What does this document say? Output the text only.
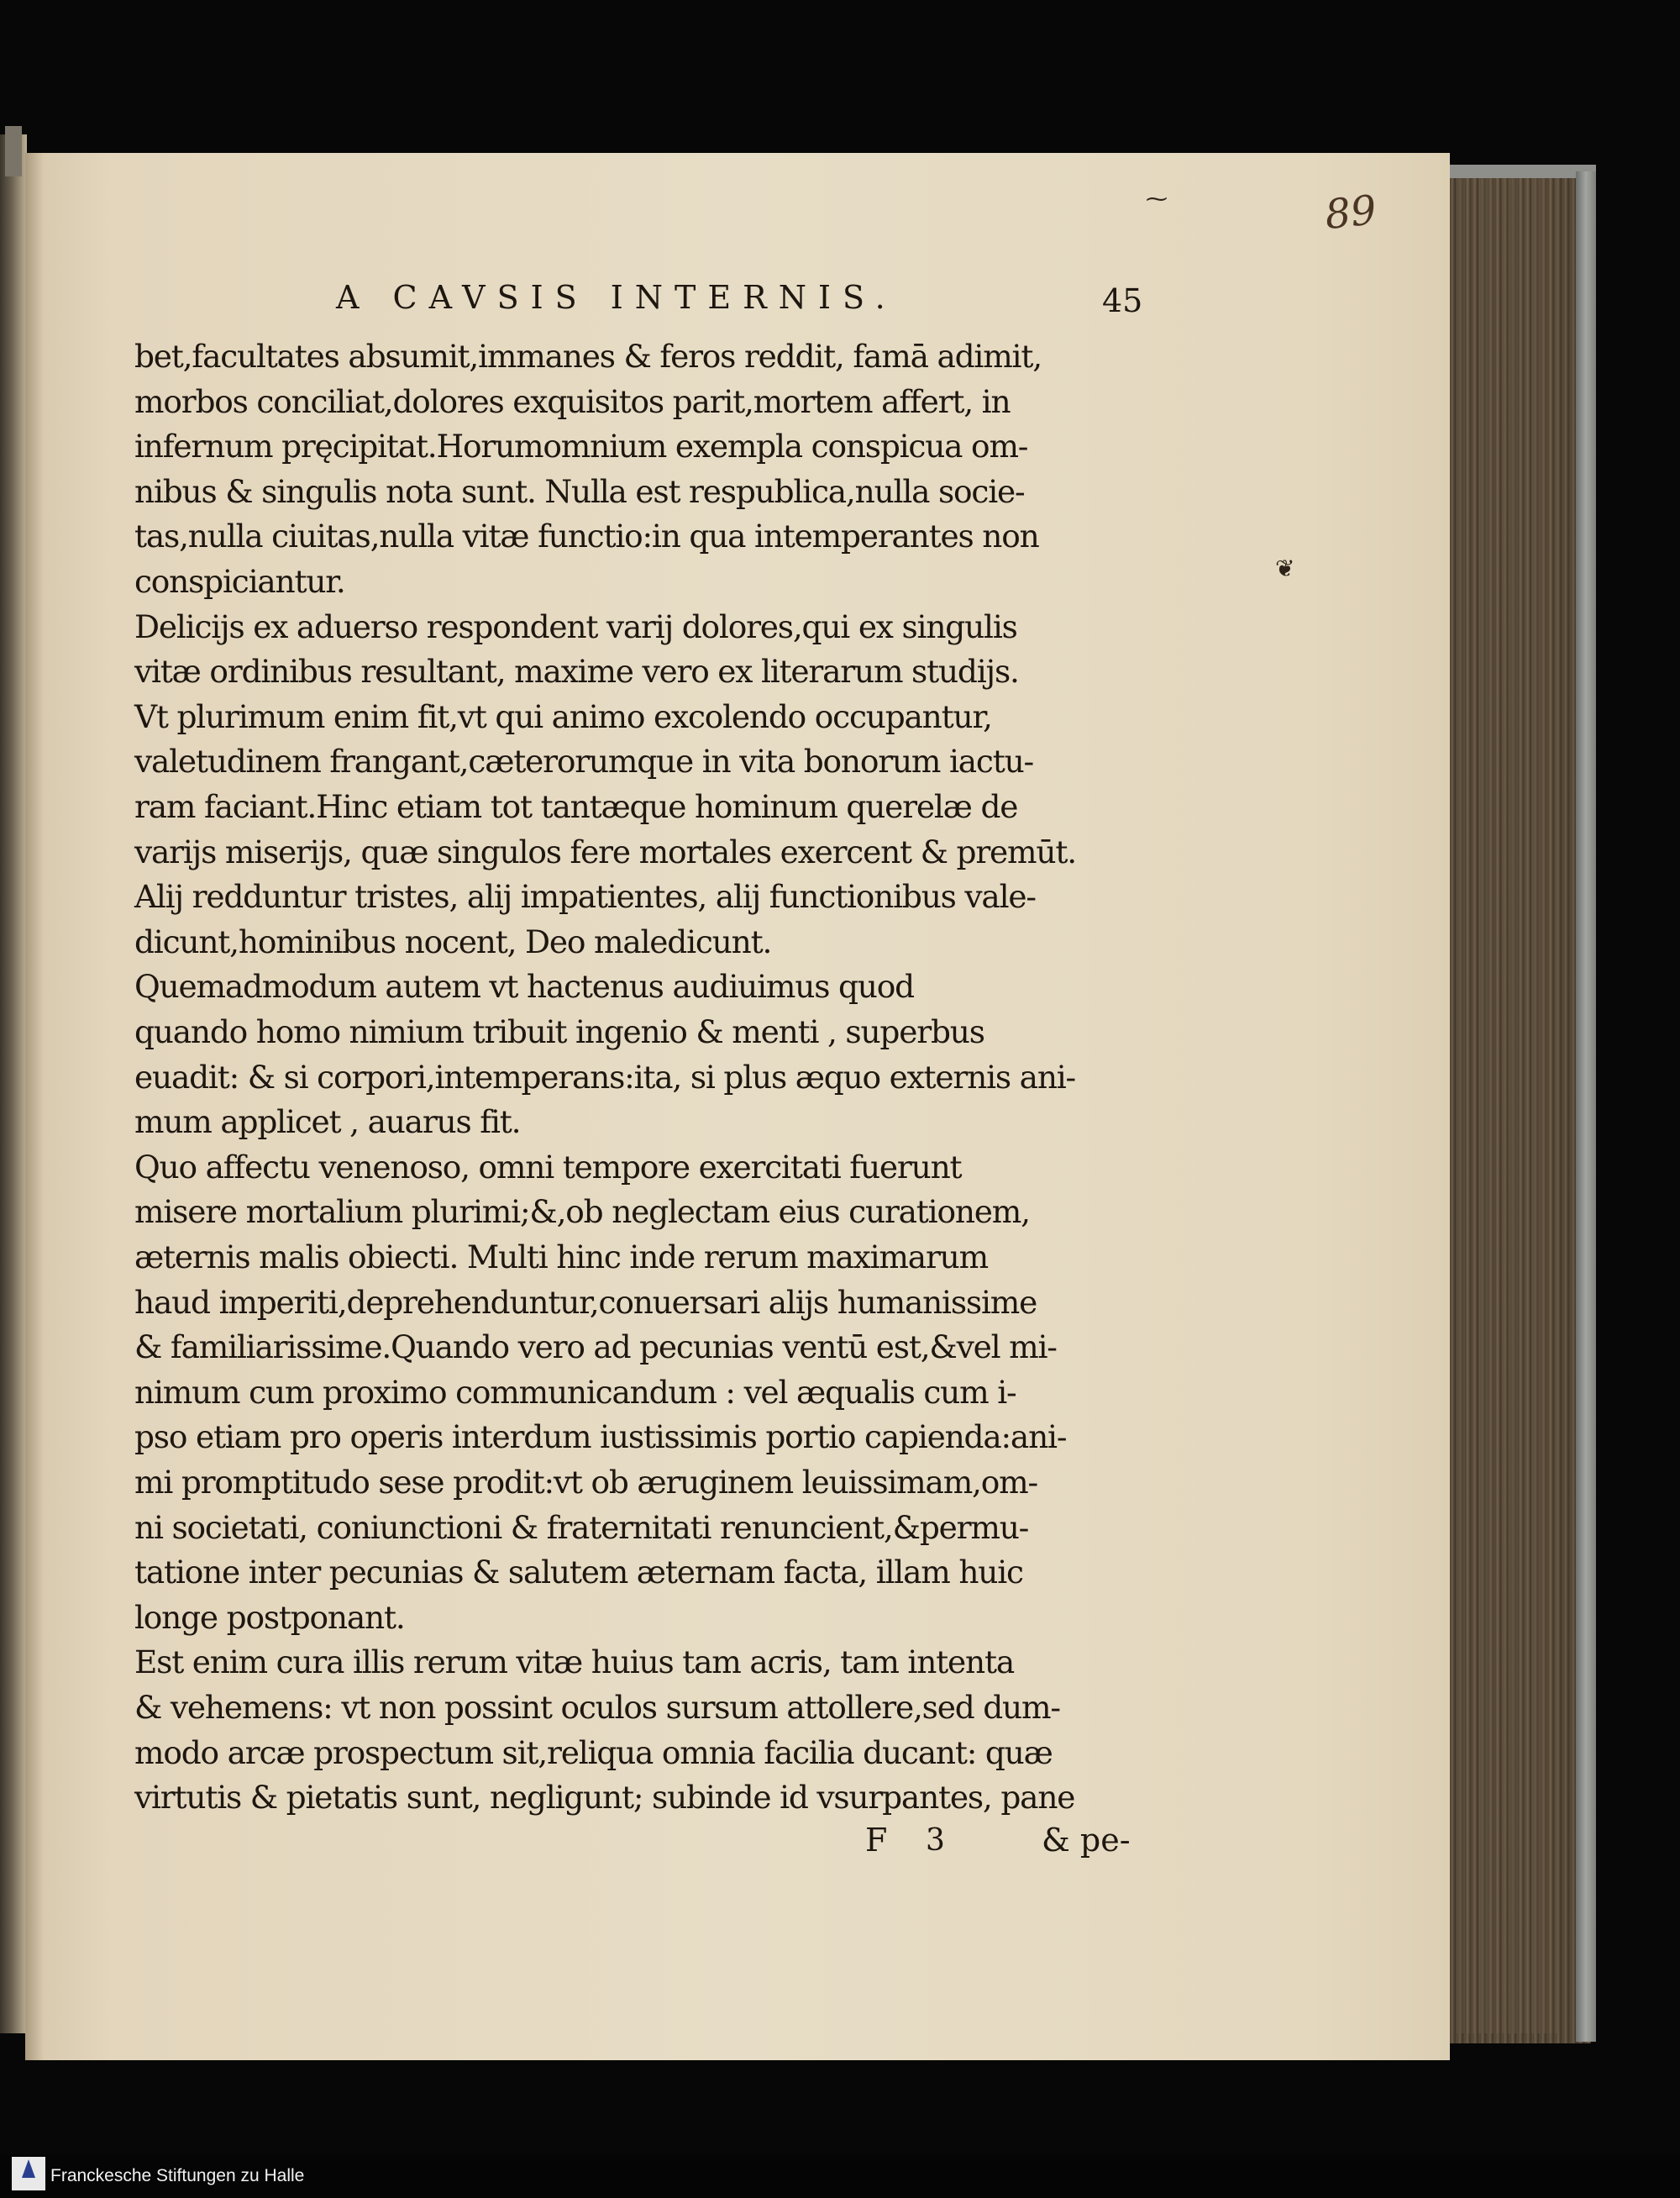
89
⁓
❦
A CAVSIS INTERNIS.	45
bet,facultates absumit,immanes & feros reddit, famā adimit,
morbos conciliat,dolores exquisitos parit,mortem affert, in
infernum pręcipitat.Horumomnium exempla conspicua om-
nibus & singulis nota sunt. Nulla est respublica,nulla socie-
tas,nulla ciuitas,nulla vitæ functio:in qua intemperantes non
conspiciantur.
Delicijs ex aduerso respondent varij dolores,qui ex singulis
vitæ ordinibus resultant, maxime vero ex literarum studijs.
Vt plurimum enim fit,vt qui animo excolendo occupantur,
valetudinem frangant,cæterorumque in vita bonorum iactu-
ram faciant.Hinc etiam tot tantæque hominum querelæ de
varijs miserijs, quæ singulos fere mortales exercent & premūt.
Alij redduntur tristes, alij impatientes, alij functionibus vale-
dicunt,hominibus nocent, Deo maledicunt.
Quemadmodum autem vt hactenus audiuimus quod
quando homo nimium tribuit ingenio & menti , superbus
euadit: & si corpori,intemperans:ita, si plus æquo externis ani-
mum applicet , auarus fit.
Quo affectu venenoso, omni tempore exercitati fuerunt
misere mortalium plurimi;&,ob neglectam eius curationem,
æternis malis obiecti. Multi hinc inde rerum maximarum
haud imperiti,deprehenduntur,conuersari alijs humanissime
& familiarissime.Quando vero ad pecunias ventū est,&vel mi-
nimum cum proximo communicandum : vel æqualis cum i-
pso etiam pro operis interdum iustissimis portio capienda:ani-
mi promptitudo sese prodit:vt ob æruginem leuissimam,om-
ni societati, coniunctioni & fraternitati renuncient,&permu-
tatione inter pecunias & salutem æternam facta, illam huic
longe postponant.
Est enim cura illis rerum vitæ huius tam acris, tam intenta
& vehemens: vt non possint oculos sursum attollere,sed dum-
modo arcæ prospectum sit,reliqua omnia facilia ducant: quæ
virtutis & pietatis sunt, negligunt; subinde id vsurpantes, pane
F	3	& pe-
Franckesche Stiftungen zu Halle
